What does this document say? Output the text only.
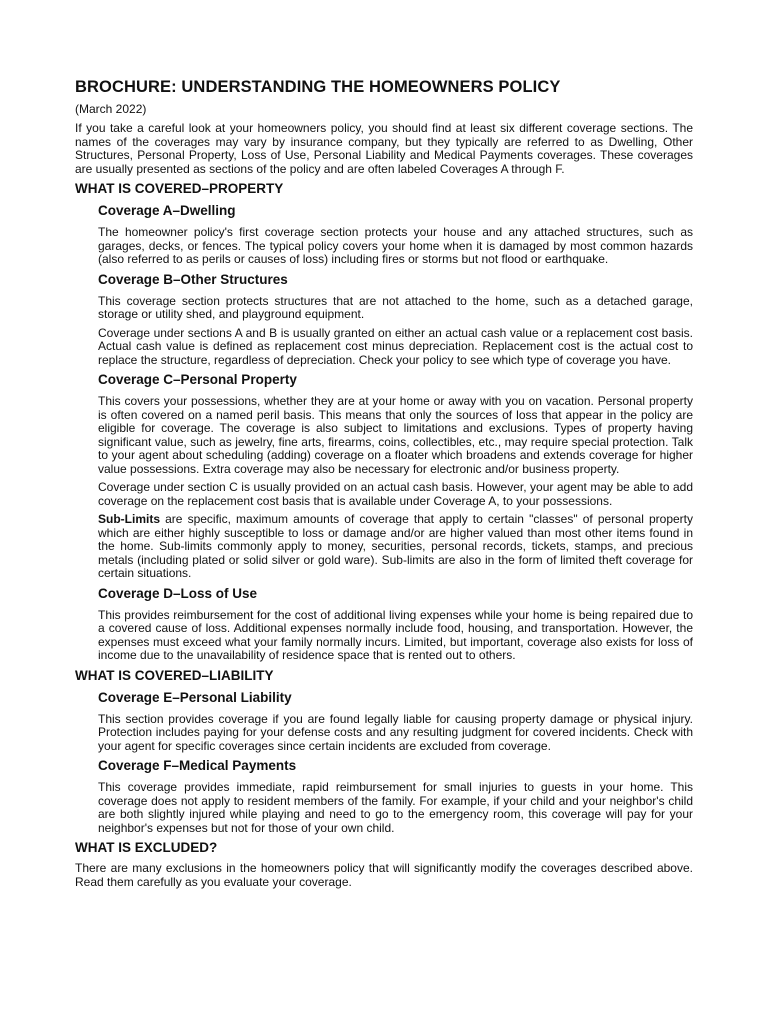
BROCHURE: UNDERSTANDING THE HOMEOWNERS POLICY
(March 2022)

If you take a careful look at your homeowners policy, you should find at least six different coverage sections. The names of the coverages may vary by insurance company, but they typically are referred to as Dwelling, Other Structures, Personal Property, Loss of Use, Personal Liability and Medical Payments coverages. These coverages are usually presented as sections of the policy and are often labeled Coverages A through F.

WHAT IS COVERED–PROPERTY
Coverage A–Dwelling

The homeowner policy's first coverage section protects your house and any attached structures, such as garages, decks, or fences. The typical policy covers your home when it is damaged by most common hazards (also referred to as perils or causes of loss) including fires or storms but not flood or earthquake.

Coverage B–Other Structures

This coverage section protects structures that are not attached to the home, such as a detached garage, storage or utility shed, and playground equipment.

Coverage under sections A and B is usually granted on either an actual cash value or a replacement cost basis. Actual cash value is defined as replacement cost minus depreciation. Replacement cost is the actual cost to replace the structure, regardless of depreciation. Check your policy to see which type of coverage you have.

Coverage C–Personal Property

This covers your possessions, whether they are at your home or away with you on vacation. Personal property is often covered on a named peril basis. This means that only the sources of loss that appear in the policy are eligible for coverage. The coverage is also subject to limitations and exclusions. Types of property having significant value, such as jewelry, fine arts, firearms, coins, collectibles, etc., may require special protection. Talk to your agent about scheduling (adding) coverage on a floater which broadens and extends coverage for higher value possessions. Extra coverage may also be necessary for electronic and/or business property.

Coverage under section C is usually provided on an actual cash basis. However, your agent may be able to add coverage on the replacement cost basis that is available under Coverage A, to your possessions.

Sub-Limits are specific, maximum amounts of coverage that apply to certain "classes" of personal property which are either highly susceptible to loss or damage and/or are higher valued than most other items found in the home. Sub-limits commonly apply to money, securities, personal records, tickets, stamps, and precious metals (including plated or solid silver or gold ware). Sub-limits are also in the form of limited theft coverage for certain situations.

Coverage D–Loss of Use

This provides reimbursement for the cost of additional living expenses while your home is being repaired due to a covered cause of loss. Additional expenses normally include food, housing, and transportation. However, the expenses must exceed what your family normally incurs. Limited, but important, coverage also exists for loss of income due to the unavailability of residence space that is rented out to others.

WHAT IS COVERED–LIABILITY
Coverage E–Personal Liability

This section provides coverage if you are found legally liable for causing property damage or physical injury. Protection includes paying for your defense costs and any resulting judgment for covered incidents. Check with your agent for specific coverages since certain incidents are excluded from coverage.

Coverage F–Medical Payments

This coverage provides immediate, rapid reimbursement for small injuries to guests in your home. This coverage does not apply to resident members of the family. For example, if your child and your neighbor's child are both slightly injured while playing and need to go to the emergency room, this coverage will pay for your neighbor's expenses but not for those of your own child.

WHAT IS EXCLUDED?

There are many exclusions in the homeowners policy that will significantly modify the coverages described above. Read them carefully as you evaluate your coverage.
